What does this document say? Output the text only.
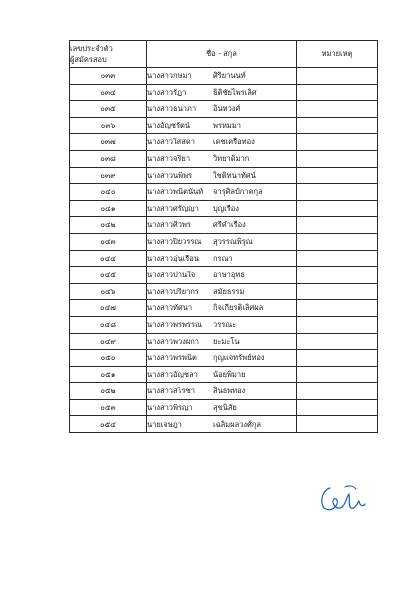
เลขประจำตัว
ผู้สมัครสอบ	ชื่อ - สกุล	หมายเหตุ
๐๓๓	นางสาวกษมา ศิริยานนท์	

๐๓๔	นางสาวรัฏา ธิติชัยไพรเลิศ	

๐๓๕	นางสาวธนาภา อินทวงศ์	

๐๓๖	นางอัญชรัตน์ พรหมมา	

๐๓๗	นางสาวใสสดา เดชเครือทอง	

๐๓๘	นางสาวจริยา วิทยาดิมาก	

๐๓๙	นางสาวนพิพร ใชติทนาทัศน์	

๐๔๐	นางสาวพนิตนันท์ จารุศิลป์กาคกุล	

๐๔๑	นางสาวศรัญญา บุญเรือง	

๐๔๒	นางสาวศิวพร ศรีคำเรือง	

๐๔๓	นางสาวปิยวรรณ สุวรรณพิรุณ	

๐๔๔	นางสาวอุ่นเรือน กรณา	

๐๔๕	นางสาวปานใจ อาษาอุทธ	

๐๔๖	นางสาวปริยากร สมัยธรรม	

๐๔๗	นางสาวทัศนา กิจเกียรติเลิศผล	

๐๔๘	นางสาวพรพรรณ วรรณะ	

๐๔๙	นางสาวพวงผกา ยะมะโน	

๐๕๐	นางสาวพรพนิต กุญแจทรัพย์ทอง	

๐๕๑	นางสาวอัญชลา น้อยพิมาย	

๐๕๒	นางสาวสโรชา สินธพทอง	

๐๕๓	นางสาวพิรญา สุขนิสัย	

๐๕๔	นายเจษฎา เฉลิมผลวงศ์กุล	
